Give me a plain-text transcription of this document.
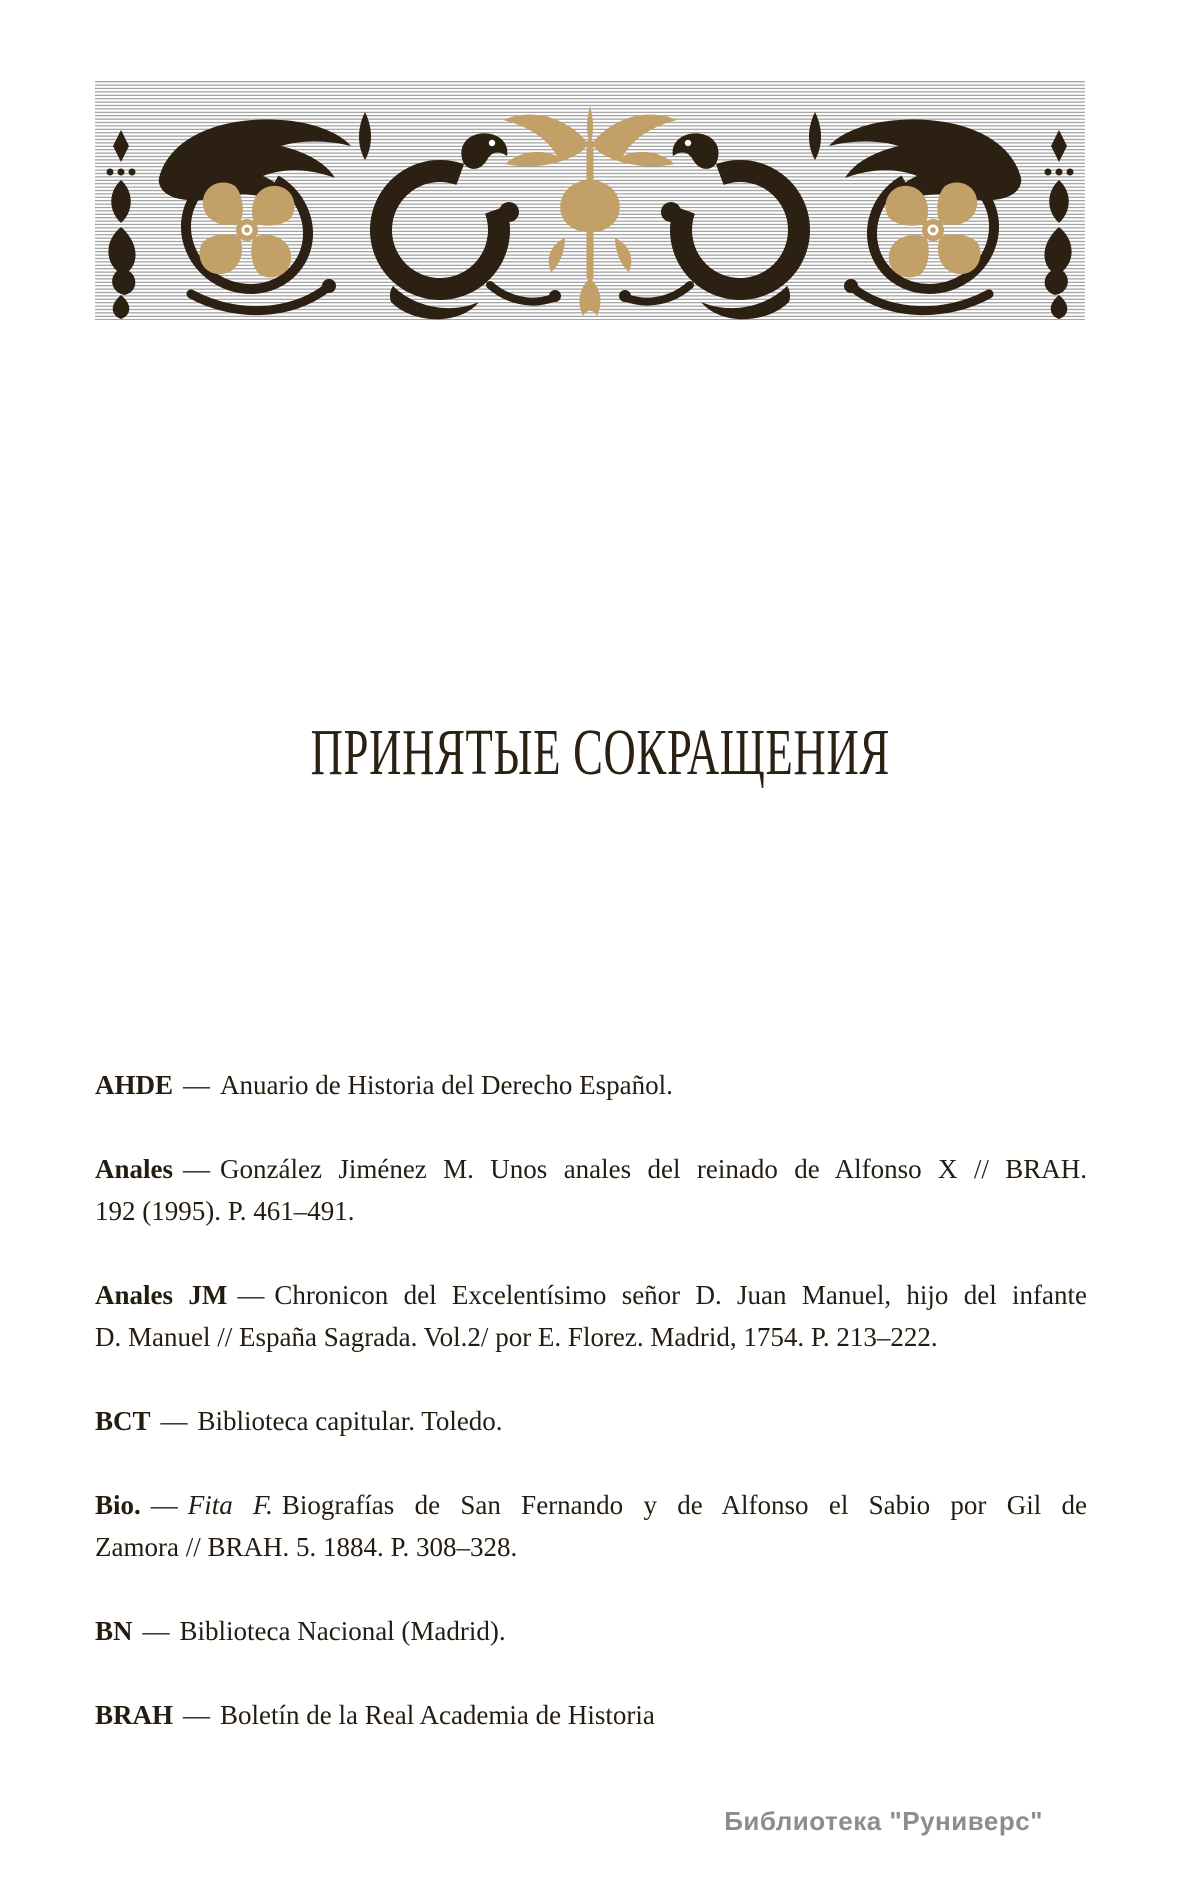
ПРИНЯТЫЕ СОКРАЩЕНИЯ

AHDE — Anuario de Historia del Derecho Español.

Anales — González Jiménez M. Unos anales del reinado de Alfonso X // BRAH.
192 (1995). P. 461–491.

Anales JM — Chronicon del Excelentísimo señor D. Juan Manuel, hijo del infante
D. Manuel // España Sagrada. Vol.2/ por E. Florez. Madrid, 1754. P. 213–222.

BCT — Biblioteca capitular. Toledo.

Bio. — Fita F. Biografías de San Fernando y de Alfonso el Sabio por Gil de
Zamora // BRAH. 5. 1884. P. 308–328.

BN — Biblioteca Nacional (Madrid).

BRAH — Boletín de la Real Academia de Historia

Библиотека "Руниверс"
